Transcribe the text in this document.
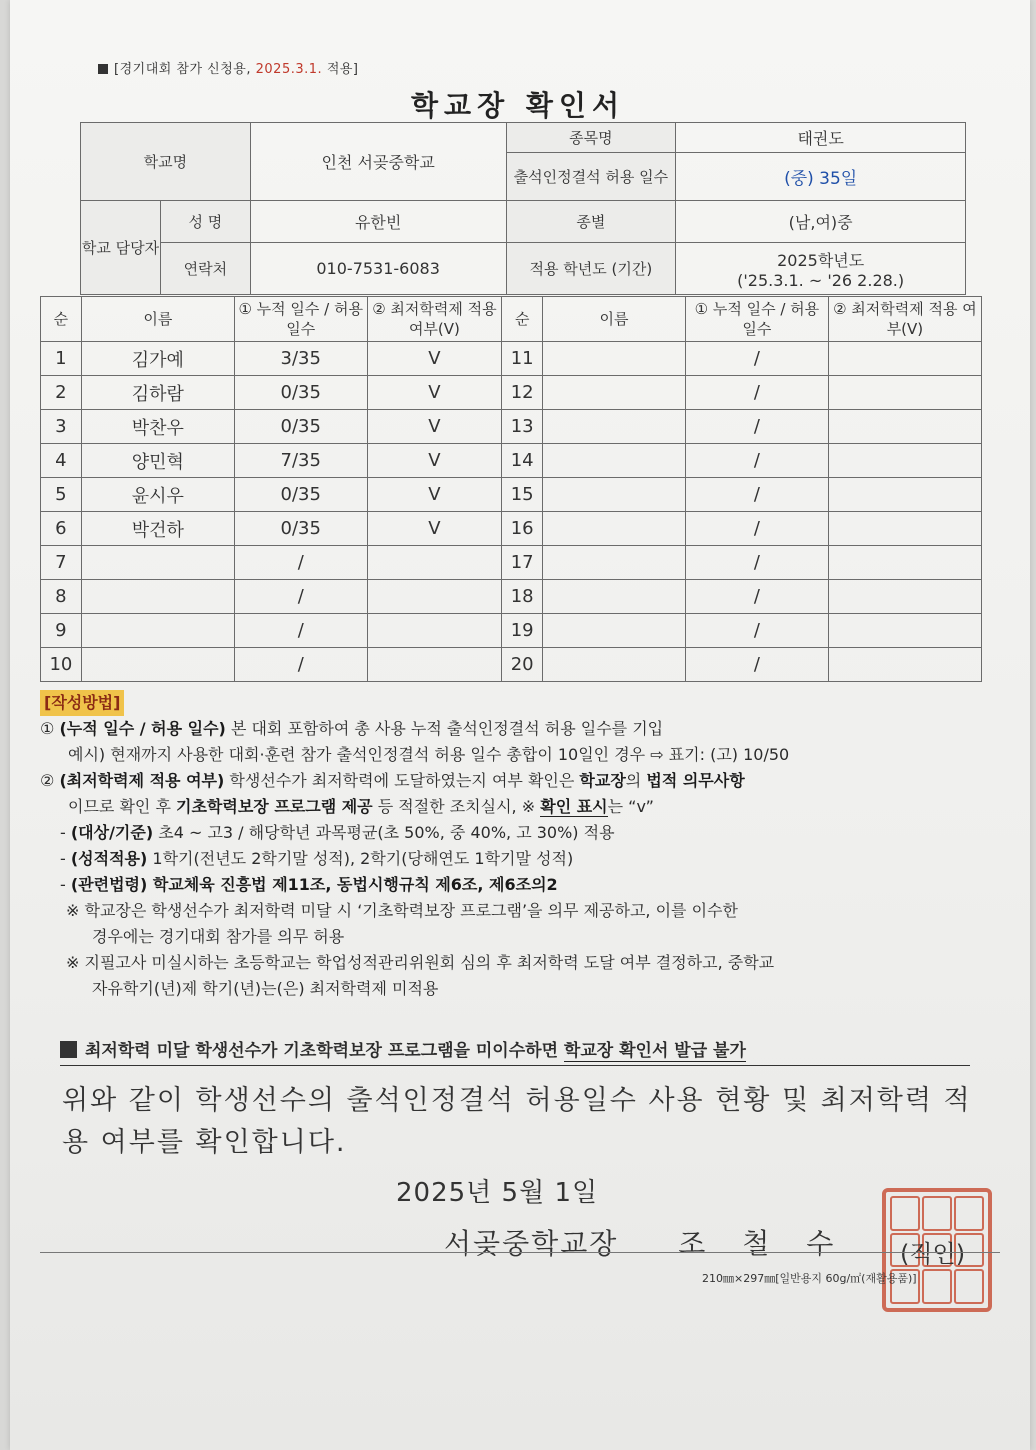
[경기대회 참가 신청용, 2025.3.1. 적용]
학교장 확인서
학교명		인천 서곶중학교	종목명	태권도
			출석인정결석 허용 일수	(중) 35일
학교 담당자	성 명	유한빈	종별	(남,여)중
	연락처	010-7531-6083	적용 학년도 (기간)	2025학년도
('25.3.1. ~ '26 2.28.)
순	이름	① 누적 일수 / 허용 일수	② 최저학력제 적용 여부(V)	순	이름	① 누적 일수 / 허용 일수	② 최저학력제 적용 여부(V)
1	김가예	3/35	V	11		/	
2	김하람	0/35	V	12		/	
3	박찬우	0/35	V	13		/	
4	양민혁	7/35	V	14		/	
5	윤시우	0/35	V	15		/	
6	박건하	0/35	V	16		/	
7		/		17		/	
8		/		18		/	
9		/		19		/	
10		/		20		/	

[작성방법]

① (누적 일수 / 허용 일수) 본 대회 포함하여 총 사용 누적 출석인정결석 허용 일수를 기입

예시) 현재까지 사용한 대회·훈련 참가 출석인정결석 허용 일수 총합이 10일인 경우 ⇨ 표기: (고) 10/50

② (최저학력제 적용 여부) 학생선수가 최저학력에 도달하였는지 여부 확인은 학교장의 법적 의무사항

이므로 확인 후 기초학력보장 프로그램 제공 등 적절한 조치실시, ※ 확인 표시는 “v”

- (대상/기준) 초4 ~ 고3 / 해당학년 과목평균(초 50%, 중 40%, 고 30%) 적용

- (성적적용) 1학기(전년도 2학기말 성적), 2학기(당해연도 1학기말 성적)

- (관련법령) 학교체육 진흥법 제11조, 동법시행규칙 제6조, 제6조의2

※ 학교장은 학생선수가 최저학력 미달 시 ‘기초학력보장 프로그램’을 의무 제공하고, 이를 이수한

경우에는 경기대회 참가를 의무 허용

※ 지필고사 미실시하는 초등학교는 학업성적관리위원회 심의 후 최저학력 도달 여부 결정하고, 중학교

자유학기(년)제 학기(년)는(은) 최저학력제 미적용

최저학력 미달 학생선수가 기초학력보장 프로그램을 미이수하면 학교장 확인서 발급 불가
위와 같이 학생선수의 출석인정결석 허용일수 사용 현황 및 최저학력 적용 여부를 확인합니다.
2025년 5월 1일
서곶중학교장 조 철 수 (직인)
210㎜×297㎜[일반용지 60g/㎡(재활용품)]
